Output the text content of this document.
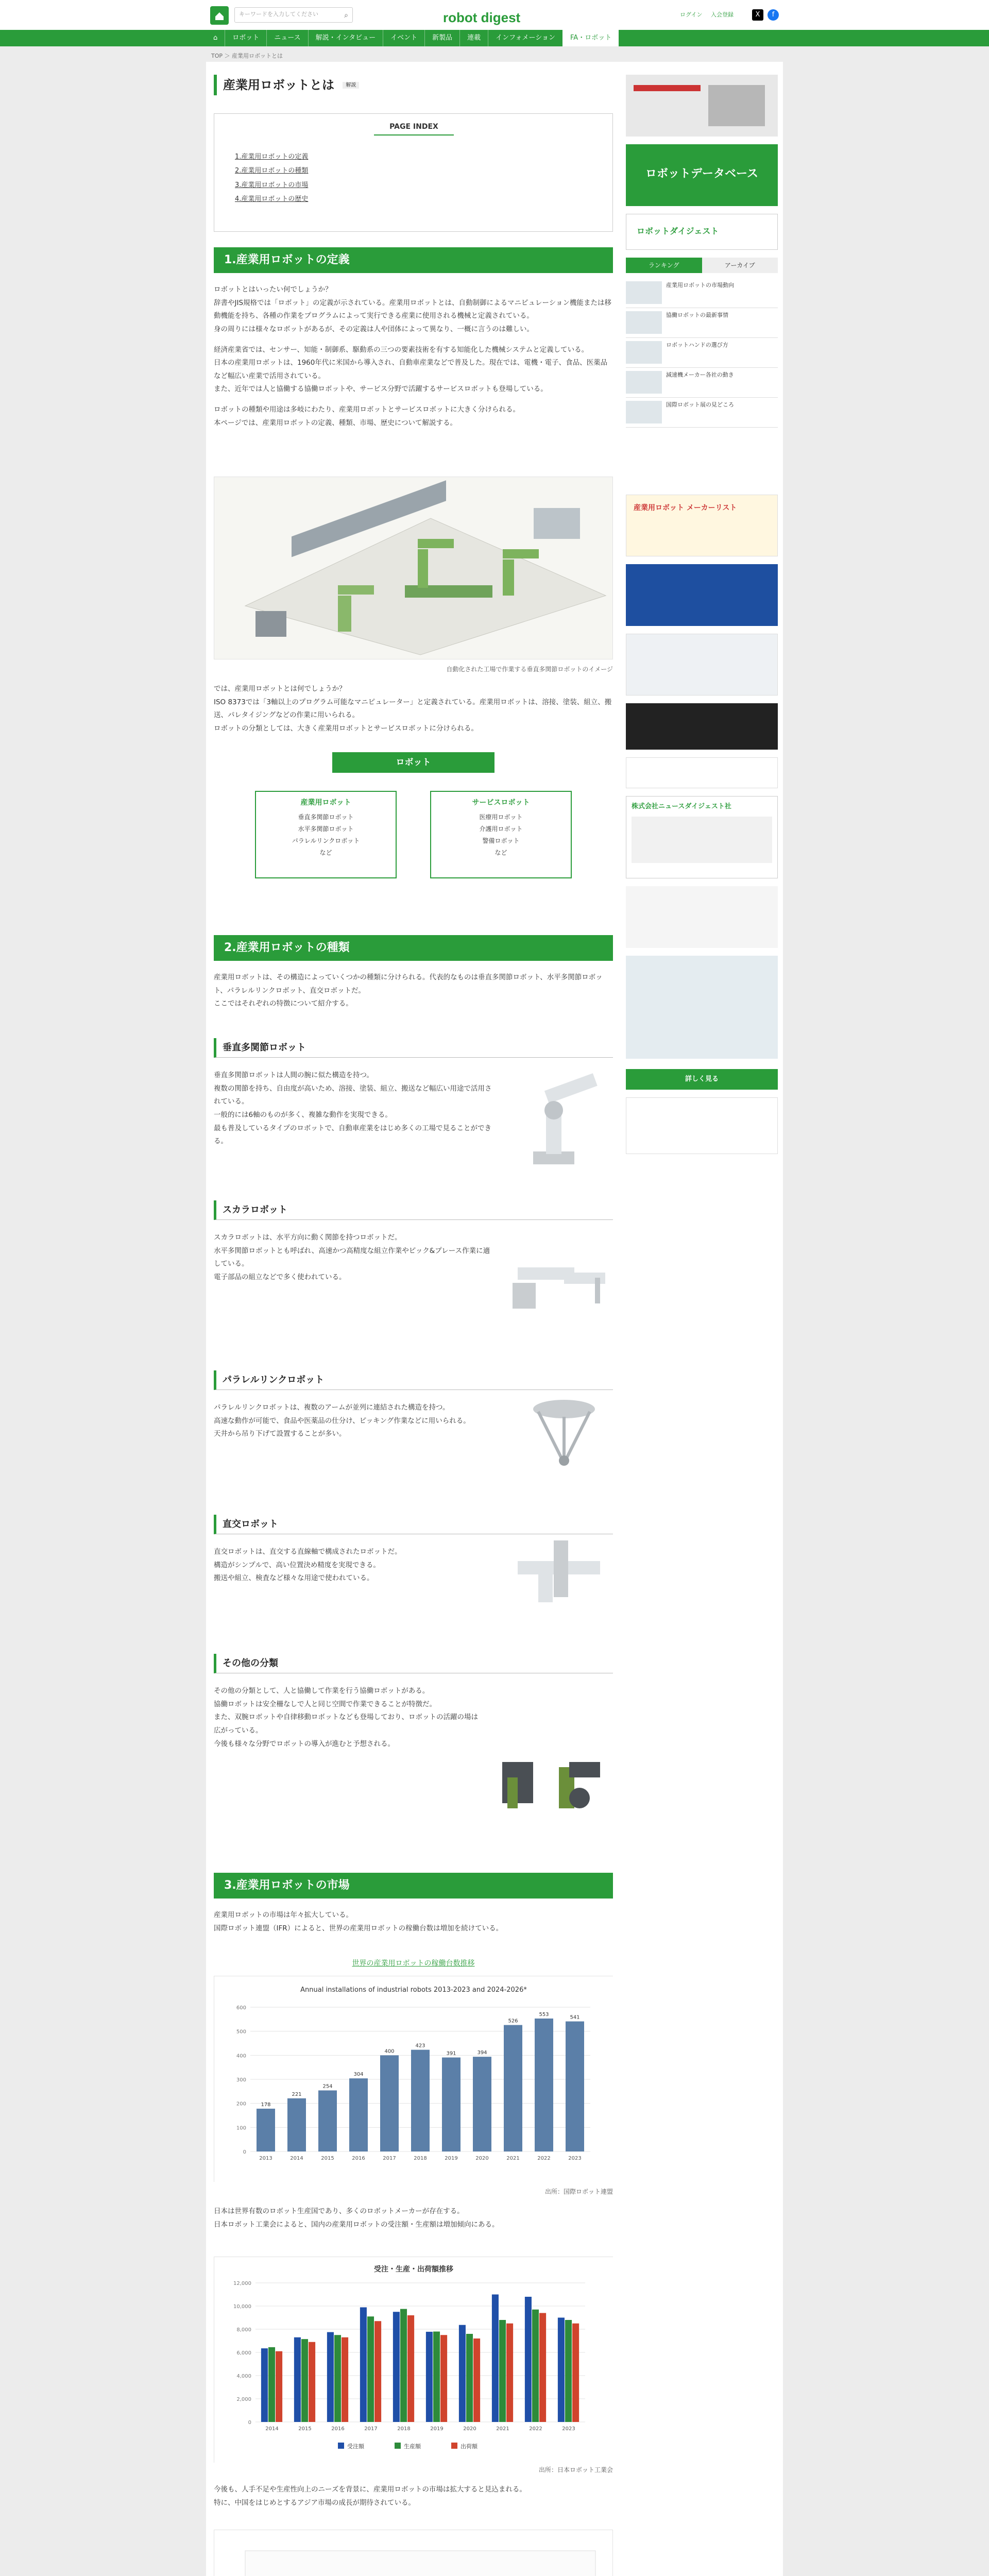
キーワードを入力してください	⌕	robot digest	ログイン 入会登録	X	f
⌂	ロボット	ニュース	解説・インタビュー	イベント	新製品	連載	インフォメーション	FA・ロボット
TOP ＞ 産業用ロボットとは
産業用ロボットとは 解説
PAGE INDEX
1.産業用ロボットの定義
2.産業用ロボットの種類
3.産業用ロボットの市場
4.産業用ロボットの歴史
1.産業用ロボットの定義
ロボットとはいったい何でしょうか？
辞書やJIS規格では「ロボット」の定義が示されている。産業用ロボットとは、自動制御によるマニピュレーション機能または移動機能を持ち、各種の作業をプログラムによって実行できる産業に使用される機械と定義されている。
身の周りには様々なロボットがあるが、その定義は人や団体によって異なり、一概に言うのは難しい。
経済産業省では、センサー、知能・制御系、駆動系の三つの要素技術を有する知能化した機械システムと定義している。
日本の産業用ロボットは、1960年代に米国から導入され、自動車産業などで普及した。現在では、電機・電子、食品、医薬品など幅広い産業で活用されている。
また、近年では人と協働する協働ロボットや、サービス分野で活躍するサービスロボットも登場している。
ロボットの種類や用途は多岐にわたり、産業用ロボットとサービスロボットに大きく分けられる。
本ページでは、産業用ロボットの定義、種類、市場、歴史について解説する。
自動化された工場で作業する垂直多関節ロボットのイメージ
では、産業用ロボットとは何でしょうか？
ISO 8373では「3軸以上のプログラム可能なマニピュレーター」と定義されている。産業用ロボットは、溶接、塗装、組立、搬送、パレタイジングなどの作業に用いられる。
ロボットの分類としては、大きく産業用ロボットとサービスロボットに分けられる。
ロボット
産業用ロボット
垂直多関節ロボット
水平多関節ロボット
パラレルリンクロボット
など
サービスロボット
医療用ロボット
介護用ロボット
警備ロボット
など
2.産業用ロボットの種類
産業用ロボットは、その構造によっていくつかの種類に分けられる。代表的なものは垂直多関節ロボット、水平多関節ロボット、パラレルリンクロボット、直交ロボットだ。
ここではそれぞれの特徴について紹介する。
垂直多関節ロボット
垂直多関節ロボットは人間の腕に似た構造を持つ。
複数の関節を持ち、自由度が高いため、溶接、塗装、組立、搬送など幅広い用途で活用されている。
一般的には6軸のものが多く、複雑な動作を実現できる。
最も普及しているタイプのロボットで、自動車産業をはじめ多くの工場で見ることができる。
スカラロボット
スカラロボットは、水平方向に動く関節を持つロボットだ。
水平多関節ロボットとも呼ばれ、高速かつ高精度な組立作業やピック&プレース作業に適している。
電子部品の組立などで多く使われている。
パラレルリンクロボット
パラレルリンクロボットは、複数のアームが並列に連結された構造を持つ。
高速な動作が可能で、食品や医薬品の仕分け、ピッキング作業などに用いられる。
天井から吊り下げて設置することが多い。
直交ロボット
直交ロボットは、直交する直線軸で構成されたロボットだ。
構造がシンプルで、高い位置決め精度を実現できる。
搬送や組立、検査など様々な用途で使われている。
その他の分類
その他の分類として、人と協働して作業を行う協働ロボットがある。
協働ロボットは安全柵なしで人と同じ空間で作業できることが特徴だ。
また、双腕ロボットや自律移動ロボットなども登場しており、ロボットの活躍の場は広がっている。
今後も様々な分野でロボットの導入が進むと予想される。
3.産業用ロボットの市場
産業用ロボットの市場は年々拡大している。
国際ロボット連盟（IFR）によると、世界の産業用ロボットの稼働台数は増加を続けている。
世界の産業用ロボットの稼働台数推移
Annual installations of industrial robots 2013-2023 and 2024-2026*
0
100
200
300
400
500
600
178
2013
221
2014
254
2015
304
2016
400
2017
423
2018
391
2019
394
2020
526
2021
553
2022
541
2023
出所：国際ロボット連盟
日本は世界有数のロボット生産国であり、多くのロボットメーカーが存在する。
日本ロボット工業会によると、国内の産業用ロボットの受注額・生産額は増加傾向にある。
受注・生産・出荷額推移
0
2,000
4,000
6,000
8,000
10,000
12,000
2014	2015	2016	2017	2018	2019	2020	2021	2022	2023
受注額	生産額	出荷額
出所：日本ロボット工業会
今後も、人手不足や生産性向上のニーズを背景に、産業用ロボットの市場は拡大すると見込まれる。
特に、中国をはじめとするアジア市場の成長が期待されている。

ロボットデータベース
ロボットダイジェスト
ランキング	アーカイブ
産業用ロボットの市場動向
協働ロボットの最新事情
ロボットハンドの選び方
減速機メーカー各社の動き
国際ロボット展の見どころ
産業用ロボット メーカーリスト
株式会社ニュースダイジェスト社
詳しく見る
